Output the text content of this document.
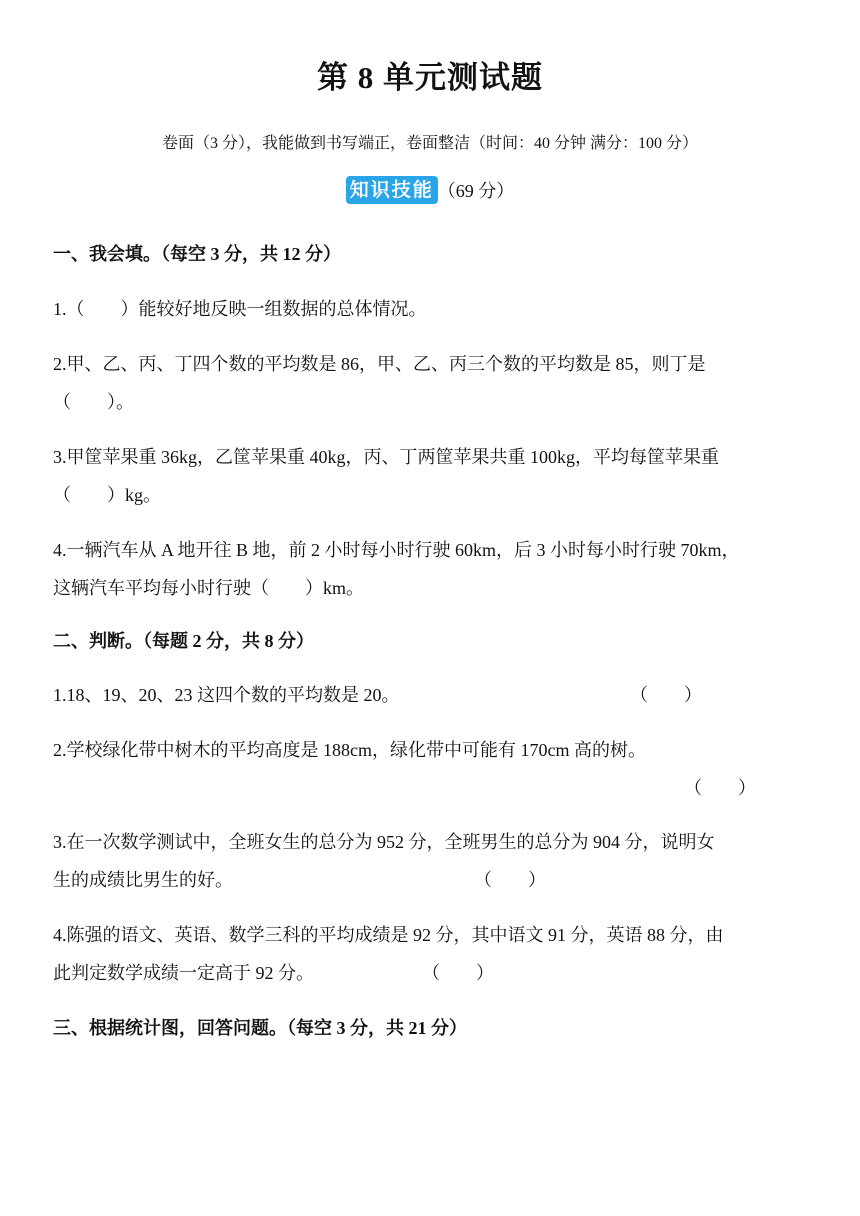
第 8 单元测试题
卷面（3 分），我能做到书写端正，卷面整洁（时间：40 分钟 满分：100 分）
知识技能 （69 分）
一、我会填。（每空 3 分，共 12 分）
1.（　　）能较好地反映一组数据的总体情况。
2.甲、乙、丙、丁四个数的平均数是 86，甲、乙、丙三个数的平均数是 85，则丁是
（　　）。
3.甲筐苹果重 36kg，乙筐苹果重 40kg，丙、丁两筐苹果共重 100kg，平均每筐苹果重
（　　）kg。
4.一辆汽车从 A 地开往 B 地，前 2 小时每小时行驶 60km，后 3 小时每小时行驶 70km，
这辆汽车平均每小时行驶（　　）km。
二、判断。（每题 2 分，共 8 分）
1.18、19、20、23 这四个数的平均数是 20。	（　　）
2.学校绿化带中树木的平均高度是 188cm，绿化带中可能有 170cm 高的树。
（　　）
3.在一次数学测试中，全班女生的总分为 952 分，全班男生的总分为 904 分，说明女
生的成绩比男生的好。	（　　）
4.陈强的语文、英语、数学三科的平均成绩是 92 分，其中语文 91 分，英语 88 分，由
此判定数学成绩一定高于 92 分。	（　　）
三、根据统计图，回答问题。（每空 3 分，共 21 分）
